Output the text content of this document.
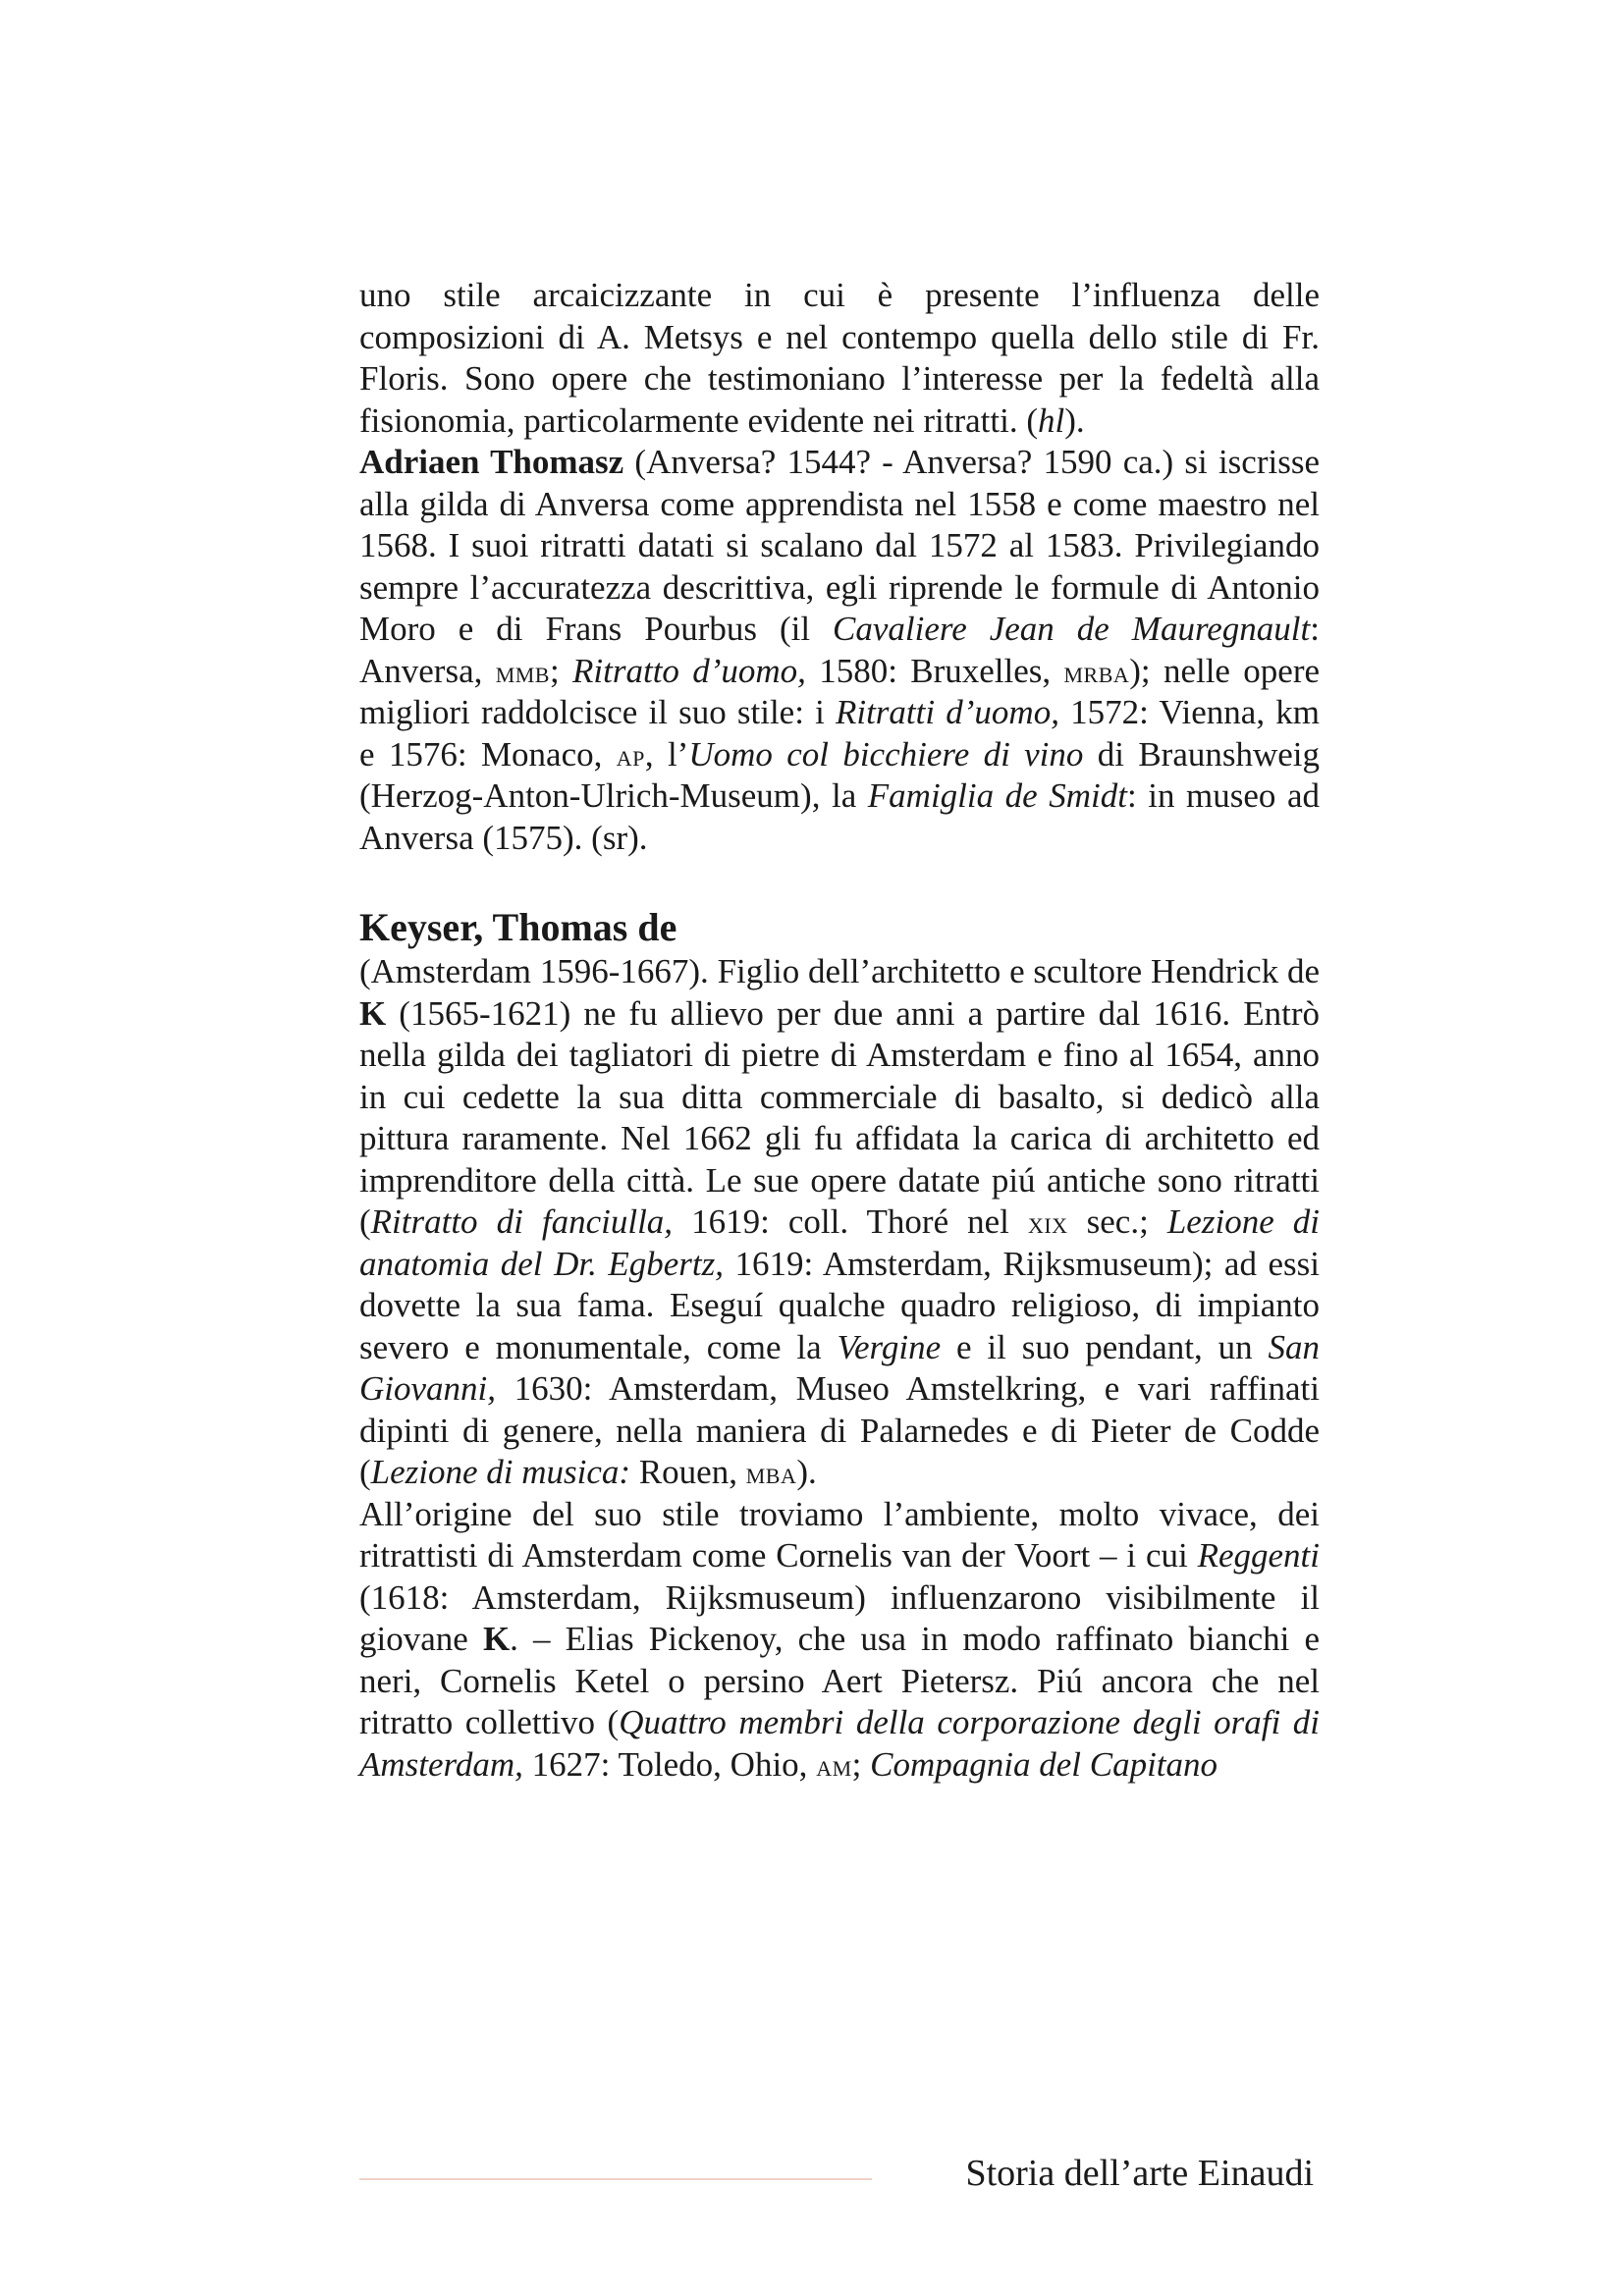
uno stile arcaicizzante in cui è presente l’influenza delle composizioni di A. Metsys e nel contempo quella dello stile di Fr. Floris. Sono opere che testimoniano l’interesse per la fedeltà alla fisionomia, particolarmente evidente nei ritratti. (hl).

Adriaen Thomasz (Anversa? 1544? - Anversa? 1590 ca.) si iscrisse alla gilda di Anversa come apprendista nel 1558 e come maestro nel 1568. I suoi ritratti datati si scalano dal 1572 al 1583. Privilegiando sempre l’accuratezza descrittiva, egli riprende le formule di Antonio Moro e di Frans Pourbus (il Cavaliere Jean de Mauregnault: Anversa, mmb; Ritratto d’uomo, 1580: Bruxelles, mrba); nelle opere migliori raddolcisce il suo stile: i Ritratti d’uomo, 1572: Vienna, km e 1576: Monaco, ap, l’Uomo col bicchiere di vino di Braunshweig (Herzog-Anton-Ulrich-Museum), la Famiglia de Smidt: in museo ad Anversa (1575). (sr).

Keyser, Thomas de

(Amsterdam 1596-1667). Figlio dell’architetto e scultore Hendrick de K (1565-1621) ne fu allievo per due anni a partire dal 1616. Entrò nella gilda dei tagliatori di pietre di Amsterdam e fino al 1654, anno in cui cedette la sua ditta commerciale di basalto, si dedicò alla pittura raramente. Nel 1662 gli fu affidata la carica di architetto ed imprenditore della città. Le sue opere datate piú antiche sono ritratti (Ritratto di fanciulla, 1619: coll. Thoré nel xix sec.; Lezione di anatomia del Dr. Egbertz, 1619: Amsterdam, Rijksmuseum); ad essi dovette la sua fama. Eseguí qualche quadro religioso, di impianto severo e monumentale, come la Vergine e il suo pendant, un San Giovanni, 1630: Amsterdam, Museo Amstelkring, e vari raffinati dipinti di genere, nella maniera di Palarnedes e di Pieter de Codde (Lezione di musica: Rouen, mba).

All’origine del suo stile troviamo l’ambiente, molto vivace, dei ritrattisti di Amsterdam come Cornelis van der Voort – i cui Reggenti (1618: Amsterdam, Rijksmuseum) influenzarono visibilmente il giovane K. – Elias Pickenoy, che usa in modo raffinato bianchi e neri, Cornelis Ketel o persino Aert Pietersz. Piú ancora che nel ritratto collettivo (Quattro membri della corporazione degli orafi di Amsterdam, 1627: Toledo, Ohio, am; Compagnia del Capitano

Storia dell’arte Einaudi
